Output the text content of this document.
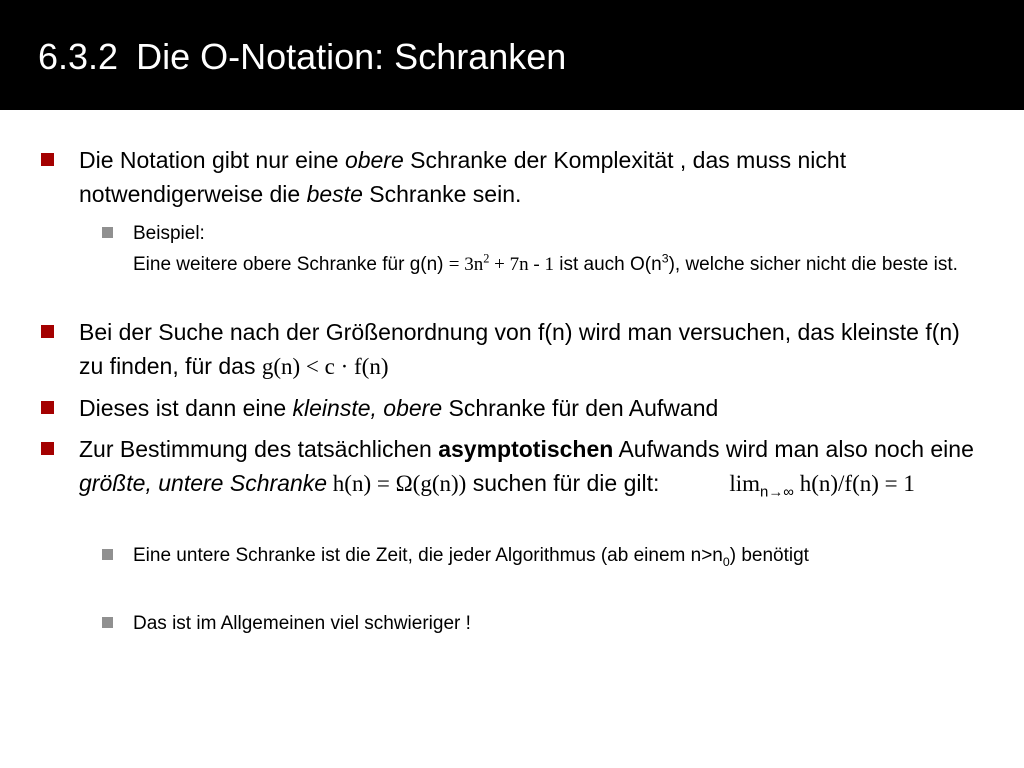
6.3.2 Die O-Notation: Schranken
Die Notation gibt nur eine obere Schranke der Komplexität , das muss nicht notwendigerweise die beste Schranke sein.
Beispiel:
Eine weitere obere Schranke für $g(n) = 3n^2 + 7n - 1$ ist auch $O(n^3)$, welche sicher nicht die beste ist.
Bei der Suche nach der Größenordnung von f(n) wird man versuchen, das kleinste f(n) zu finden, für das g(n) < c · f(n)
Dieses ist dann eine kleinste, obere Schranke für den Aufwand
Zur Bestimmung des tatsächlichen asymptotischen Aufwands wird man also noch eine größte, untere Schranke h(n) = Ω(g(n)) suchen für die gilt:	$\lim_{n\to\infty} h(n)/f(n) = 1$
Eine untere Schranke ist die Zeit, die jeder Algorithmus (ab einem $n>n_0$) benötigt
Das ist im Allgemeinen viel schwieriger !
